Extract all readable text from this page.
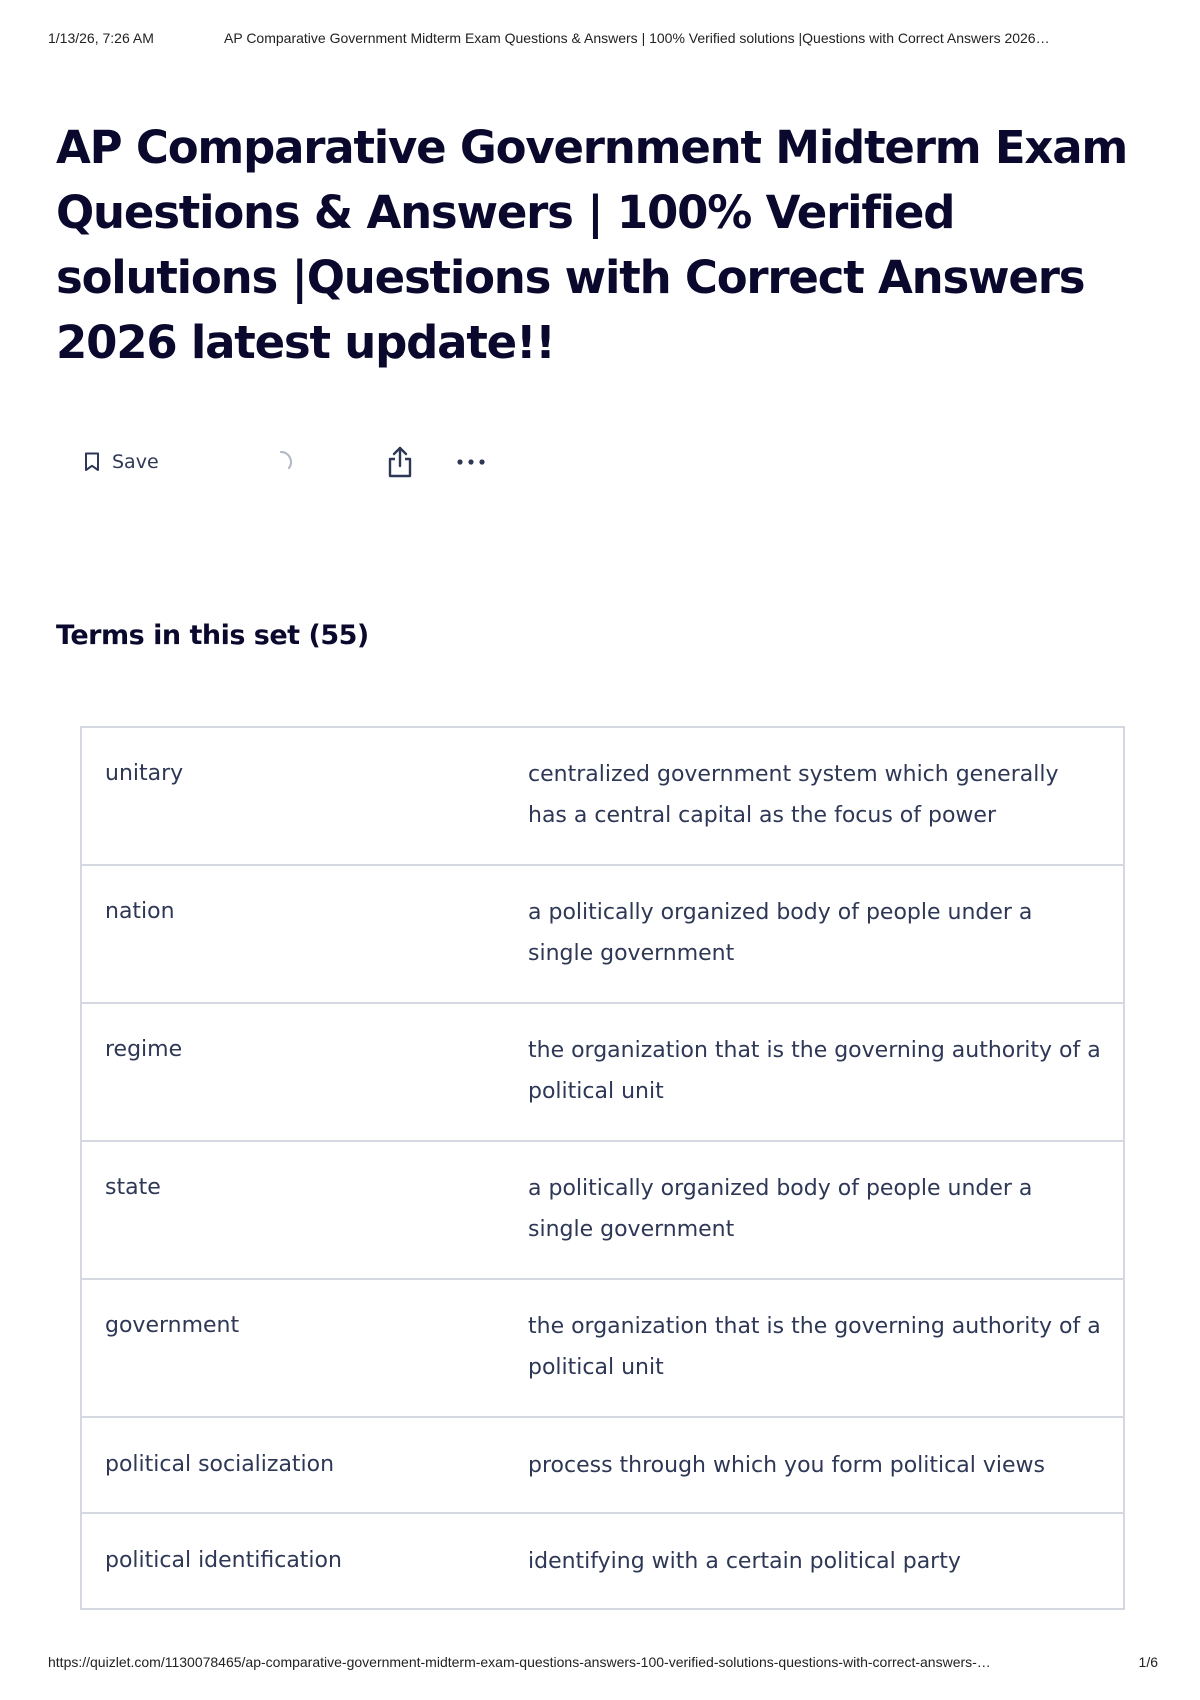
1/13/26, 7:26 AM	AP Comparative Government Midterm Exam Questions & Answers | 100% Verified solutions |Questions with Correct Answers 2026…
AP Comparative Government Midterm Exam Questions & Answers | 100% Verified solutions |Questions with Correct Answers 2026 latest update!!
Save
Terms in this set (55)
unitary	centralized government system which generally has a central capital as the focus of power
nation	a politically organized body of people under a single government
regime	the organization that is the governing authority of a political unit
state	a politically organized body of people under a single government
government	the organization that is the governing authority of a political unit
political socialization	process through which you form political views
political identification	identifying with a certain political party
https://quizlet.com/1130078465/ap-comparative-government-midterm-exam-questions-answers-100-verified-solutions-questions-with-correct-answers-…	1/6
